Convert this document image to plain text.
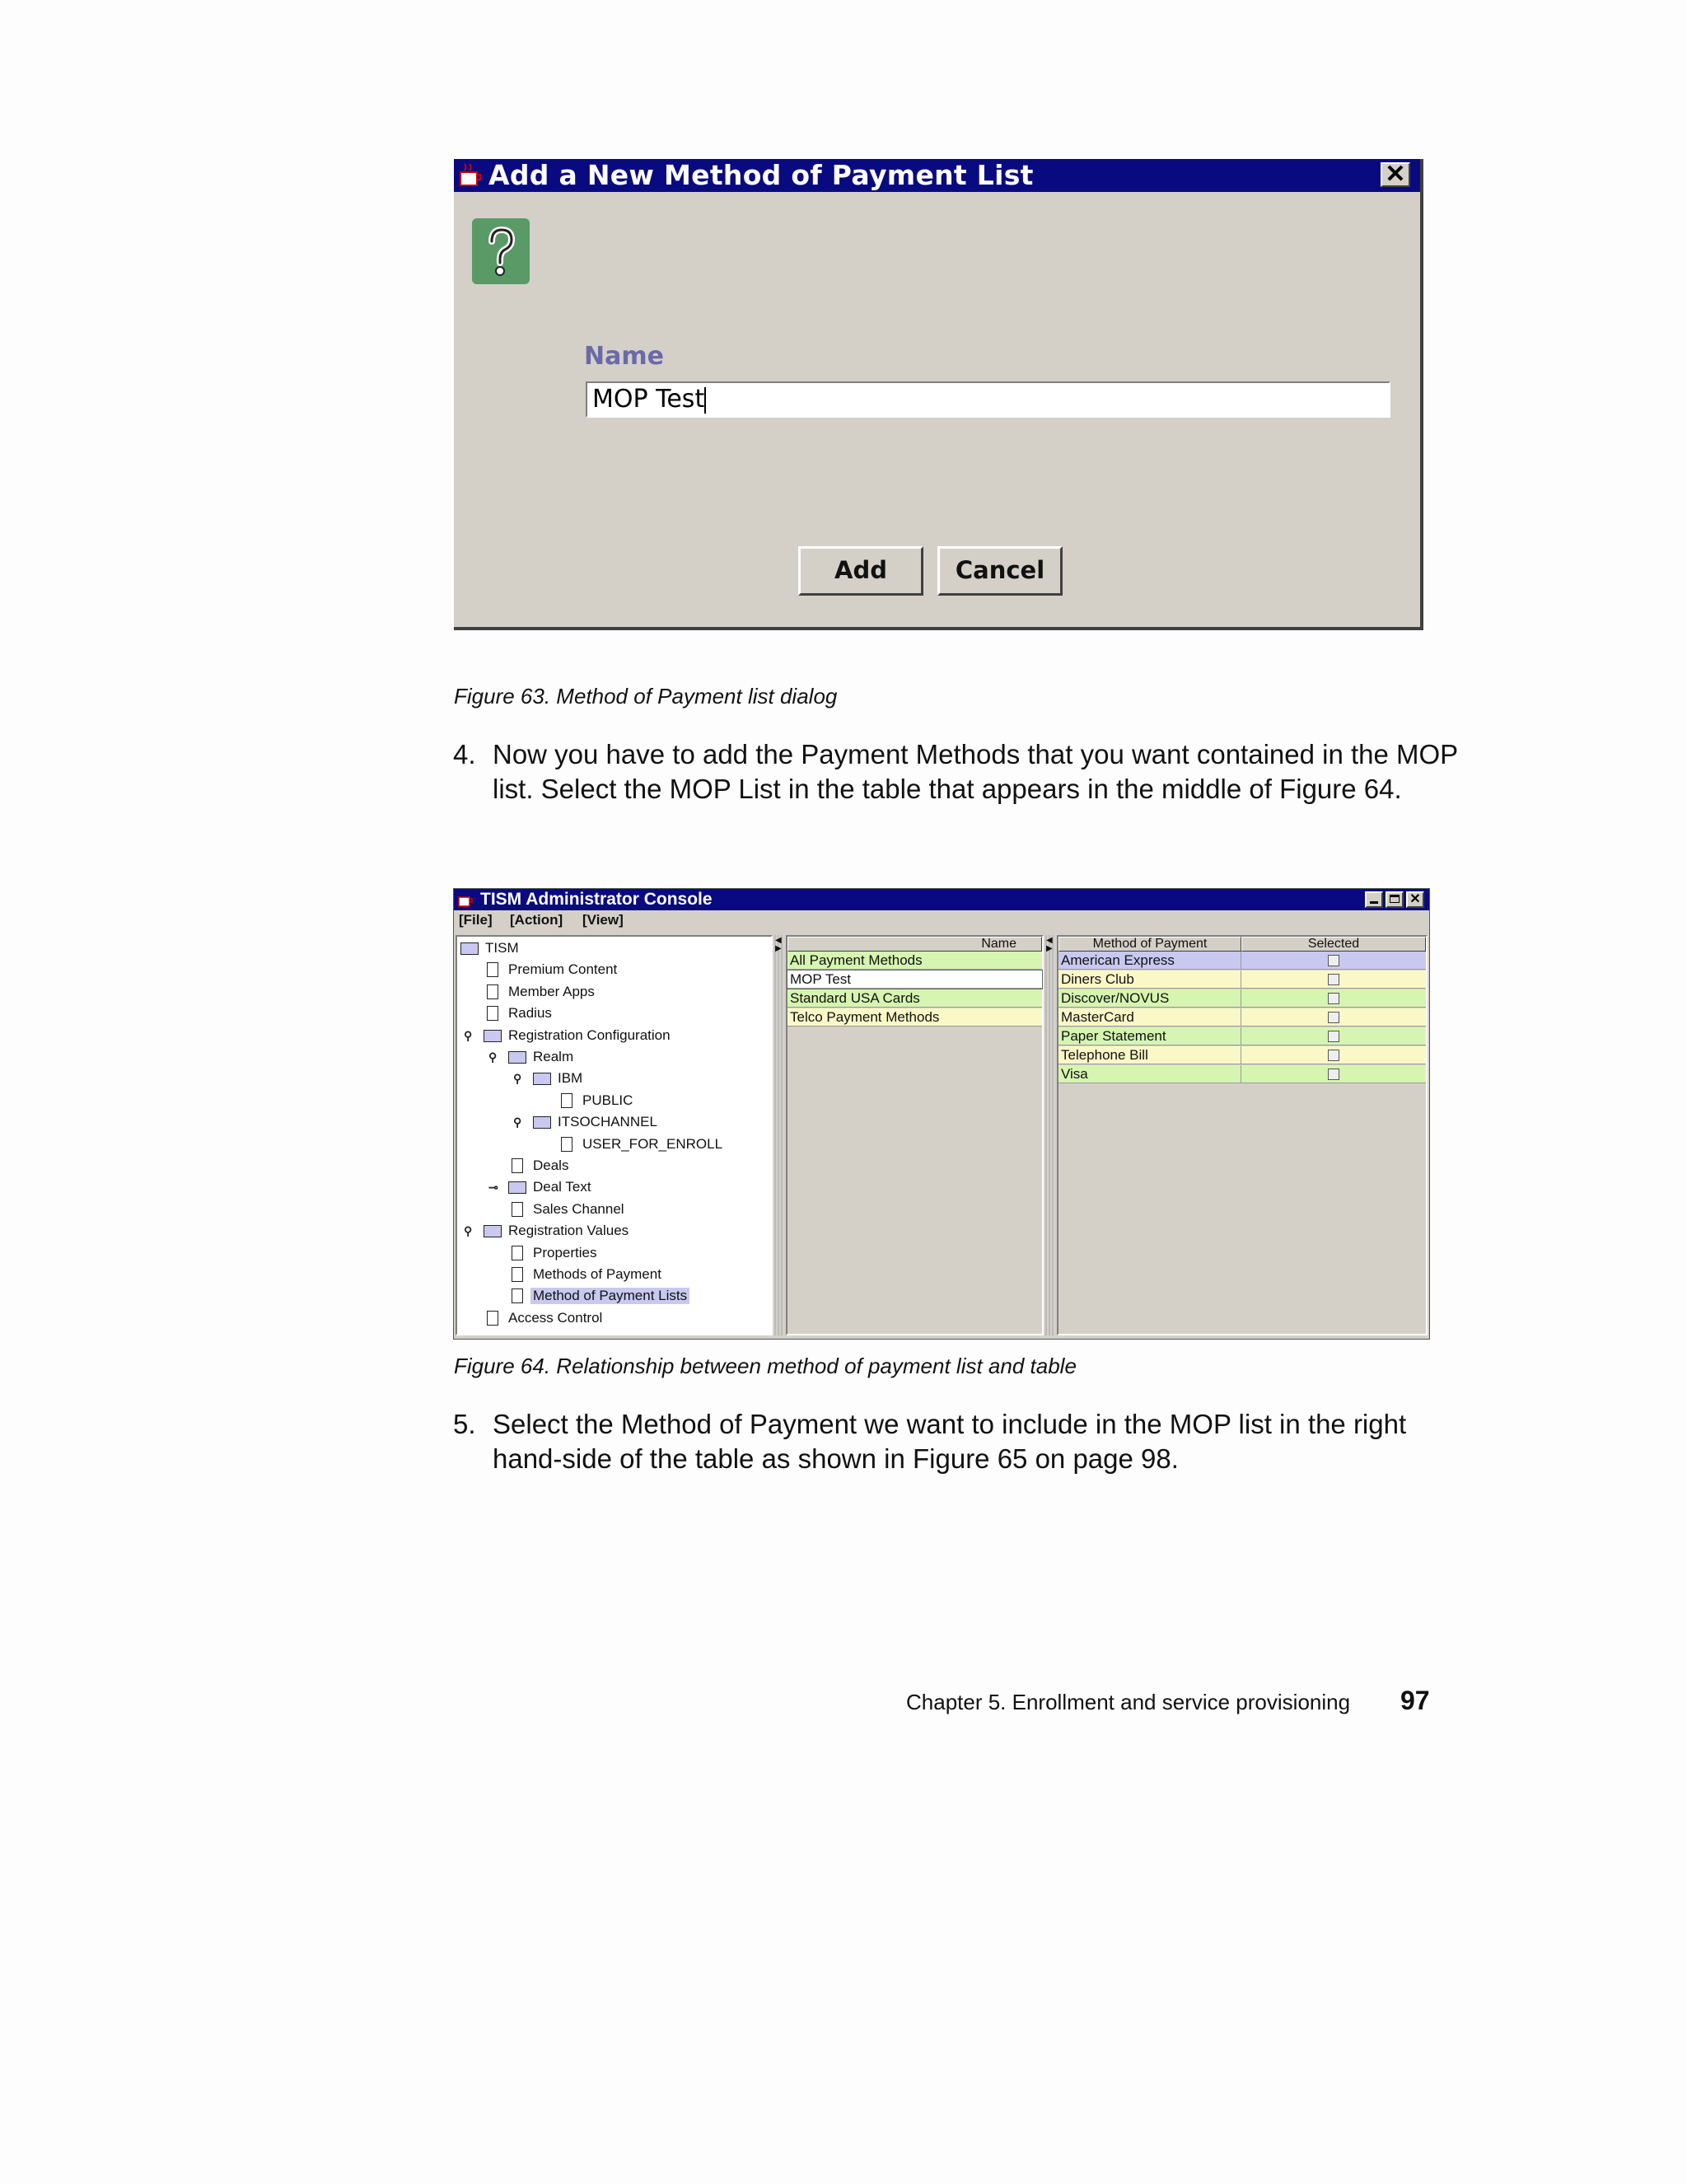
Add a New Method of Payment List	✕
Name
MOP Test
Add	Cancel
Figure 63. Method of Payment list dialog
4. Now you have to add the Payment Methods that you want contained in the MOP list. Select the MOP List in the table that appears in the middle of Figure 64.
TISM Administrator Console	✕
[File] [Action] [View]
TISM
Premium Content
Member Apps
Radius
⚲	Registration Configuration
⚲	Realm
⚲	IBM
PUBLIC
⚲	ITSOCHANNEL
USER_FOR_ENROLL
Deals
⊸ Deal Text
Sales Channel
⚲	Registration Values
Properties
Methods of Payment
Method of Payment Lists
Access Control
◀
▶	Name
All Payment Methods
MOP Test
Standard USA Cards
Telco Payment Methods
◀
▶	Method of Payment	Selected
American Express
Diners Club
Discover/NOVUS
MasterCard
Paper Statement
Telephone Bill
Visa
Figure 64. Relationship between method of payment list and table
5. Select the Method of Payment we want to include in the MOP list in the right hand-side of the table as shown in Figure 65 on page 98.
Chapter 5. Enrollment and service provisioning 97
